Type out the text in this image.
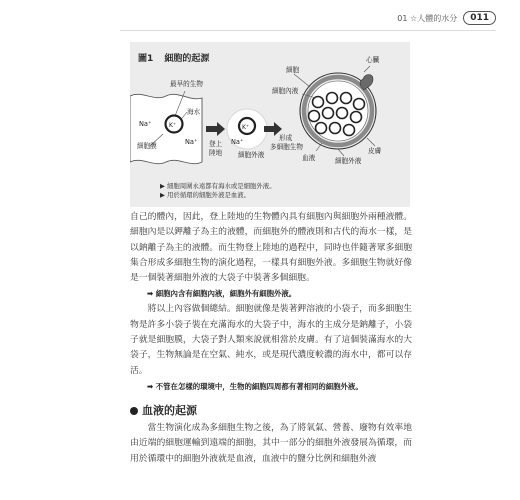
01 ☆人體的水分	011
圖1 細胞的起源
最早的生物
海水
Na⁺
Na⁺
細胞膜
K⁺
登上
陸地
Na⁺
K⁺
細胞外液
形成
多細胞生物
細胞
心臟
細胞內液
血液
皮膚
細胞外液
▶ 細胞周圍永遠都有海水或是細胞外液。
▶ 用於循環的細胞外液是血液。

自己的體內，因此，登上陸地的生物體內具有細胞內與細胞外兩種液體。細胞內是以鉀離子為主的液體，而細胞外的體液則和古代的海水一樣，是以鈉離子為主的液體。而生物登上陸地的過程中，同時也伴隨著眾多細胞集合形成多細胞生物的演化過程，一樣具有細胞外液。多細胞生物就好像是一個裝著細胞外液的大袋子中裝著多個細胞。

➡ 細胞內含有細胞內液，細胞外有細胞外液。

將以上內容做個總結。細胞就像是裝著鉀溶液的小袋子，而多細胞生物是許多小袋子裝在充滿海水的大袋子中，海水的主成分是鈉離子，小袋子就是細胞膜，大袋子對人類來說就相當於皮膚。有了這個裝滿海水的大袋子，生物無論是在空氣、純水，或是現代濃度較濃的海水中，都可以存活。

➡ 不管在怎樣的環境中，生物的細胞四周都有著相同的細胞外液。
血液的起源

當生物演化成為多細胞生物之後，為了將氧氣、營養、廢物有效率地由近端的細胞運輸到遠端的細胞，其中一部分的細胞外液發展為循環，而用於循環中的細胞外液就是血液，血液中的鹽分比例和細胞外液
